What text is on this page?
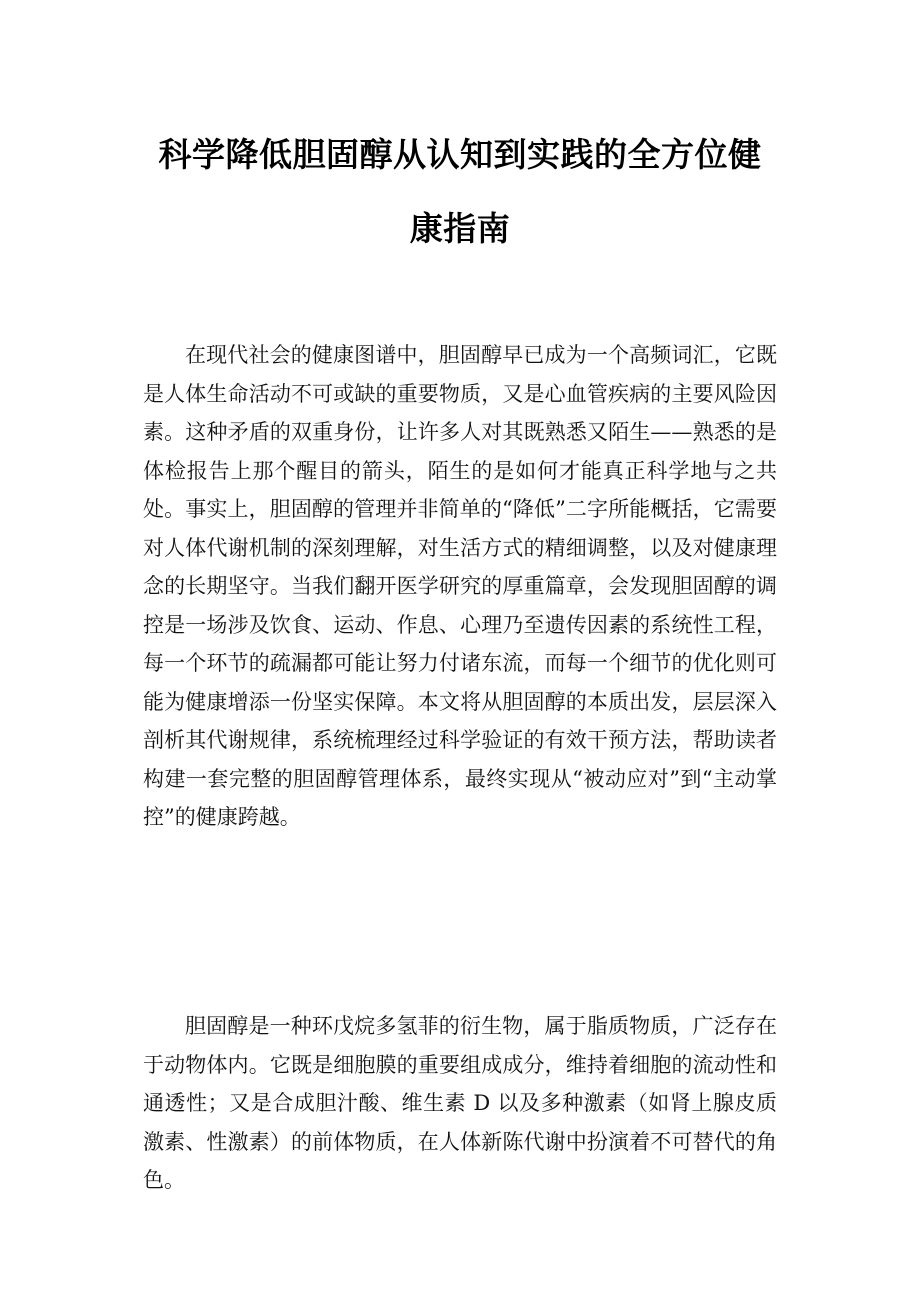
科学降低胆固醇从认知到实践的全方位健
康指南

在现代社会的健康图谱中，胆固醇早已成为一个高频词汇，它既是人体生命活动不可或缺的重要物质，又是心血管疾病的主要风险因素。这种矛盾的双重身份，让许多人对其既熟悉又陌生——熟悉的是体检报告上那个醒目的箭头，陌生的是如何才能真正科学地与之共处。事实上，胆固醇的管理并非简单的“降低”二字所能概括，它需要对人体代谢机制的深刻理解，对生活方式的精细调整，以及对健康理念的长期坚守。当我们翻开医学研究的厚重篇章，会发现胆固醇的调控是一场涉及饮食、运动、作息、心理乃至遗传因素的系统性工程，每一个环节的疏漏都可能让努力付诸东流，而每一个细节的优化则可能为健康增添一份坚实保障。本文将从胆固醇的本质出发，层层深入剖析其代谢规律，系统梳理经过科学验证的有效干预方法，帮助读者构建一套完整的胆固醇管理体系，最终实现从“被动应对”到“主动掌控”的健康跨越。

胆固醇是一种环戊烷多氢菲的衍生物，属于脂质物质，广泛存在于动物体内。它既是细胞膜的重要组成成分，维持着细胞的流动性和通透性；又是合成胆汁酸、维生素 D 以及多种激素（如肾上腺皮质激素、性激素）的前体物质，在人体新陈代谢中扮演着不可替代的角色。
